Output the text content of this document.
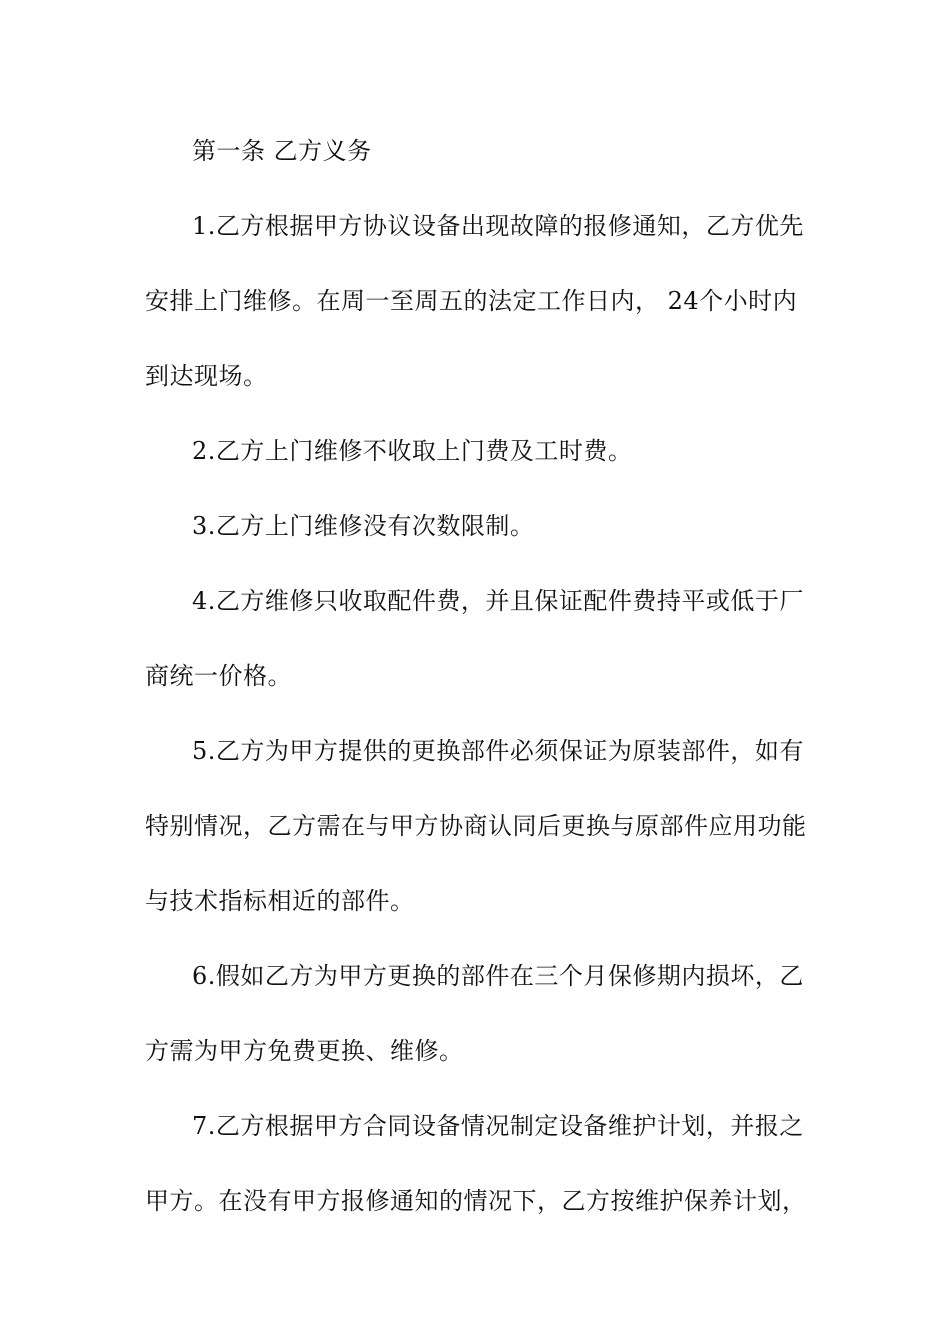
第一条 乙方义务
1.乙方根据甲方协议设备出现故障的报修通知，乙方优先
安排上门维修。在周一至周五的法定工作日内， 24个小时内
到达现场。
2.乙方上门维修不收取上门费及工时费。
3.乙方上门维修没有次数限制。
4.乙方维修只收取配件费，并且保证配件费持平或低于厂
商统一价格。
5.乙方为甲方提供的更换部件必须保证为原装部件，如有
特别情况，乙方需在与甲方协商认同后更换与原部件应用功能
与技术指标相近的部件。
6.假如乙方为甲方更换的部件在三个月保修期内损坏，乙
方需为甲方免费更换、维修。
7.乙方根据甲方合同设备情况制定设备维护计划，并报之
甲方。在没有甲方报修通知的情况下，乙方按维护保养计划，
